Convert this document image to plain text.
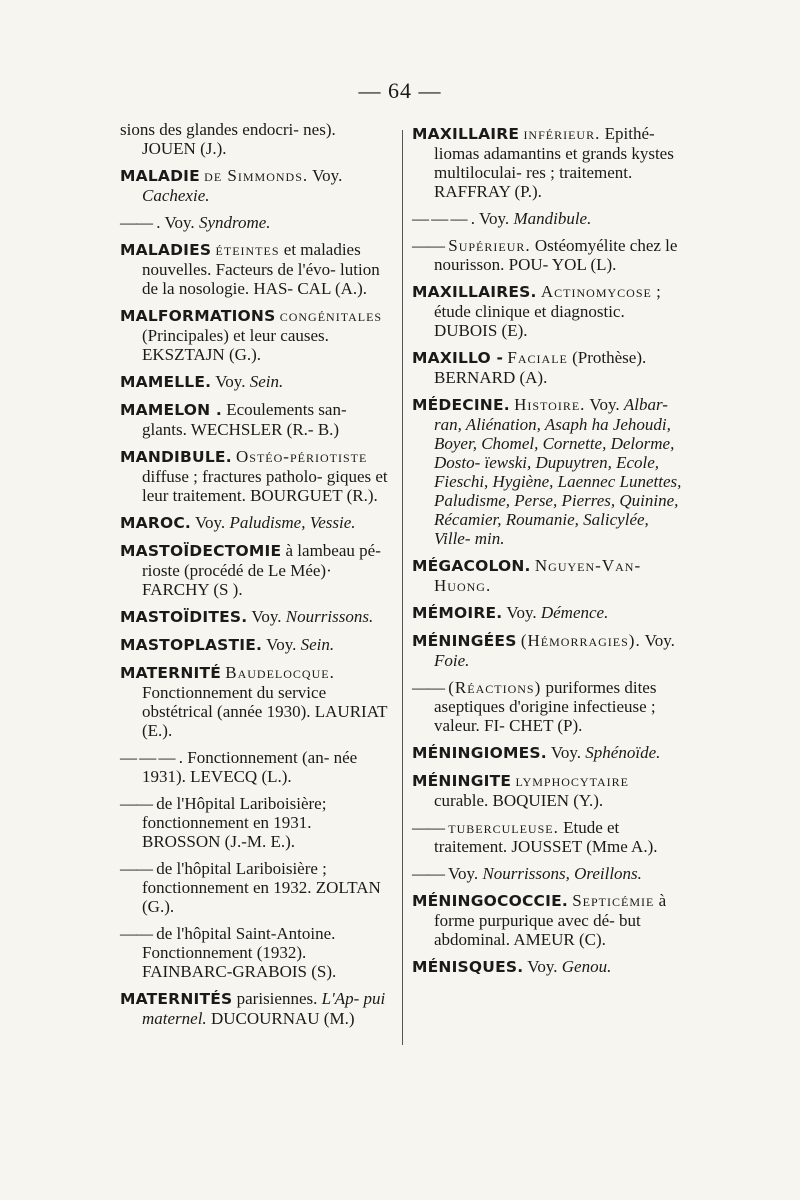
— 64 —
sions des glandes endocri- nes). JOUEN (J.).
MALADIE de Simmonds. Voy. Cachexie.
—— . Voy. Syndrome.
MALADIES éteintes et maladies nouvelles. Facteurs de l'évo- lution de la nosologie. HAS- CAL (A.).
MALFORMATIONS congénitales (Principales) et leur causes. EKSZTAJN (G.).
MAMELLE. Voy. Sein.
MAMELON . Ecoulements san- glants. WECHSLER (R.- B.)
MANDIBULE. Ostéo-périotiste diffuse ; fractures patholo- giques et leur traitement. BOURGUET (R.).
MAROC. Voy. Paludisme, Vessie.
MASTOÏDECTOMIE à lambeau pé- rioste (procédé de Le Mée)· FARCHY (S ).
MASTOÏDITES. Voy. Nourrissons.
MASTOPLASTIE. Voy. Sein.
MATERNITÉ Baudelocque. Fonctionnement du service obstétrical (année 1930). LAURIAT (E.).
— — — . Fonctionnement (an- née 1931). LEVECQ (L.).
—— de l'Hôpital Lariboisière; fonctionnement en 1931. BROSSON (J.-M. E.).
—— de l'hôpital Lariboisière ; fonctionnement en 1932. ZOLTAN (G.).
—— de l'hôpital Saint-Antoine. Fonctionnement (1932). FAINBARC-GRABOIS (S).
MATERNITÉS parisiennes. L'Ap- pui maternel. DUCOURNAU (M.)
MAXILLAIRE inférieur. Epithé- liomas adamantins et grands kystes multiloculai- res ; traitement. RAFFRAY (P.).
— — — . Voy. Mandibule.
—— Supérieur. Ostéomyélite chez le nourisson. POU- YOL (L).
MAXILLAIRES. Actinomycose ; étude clinique et diagnostic. DUBOIS (E).
MAXILLO - Faciale (Prothèse). BERNARD (A).
MÉDECINE. Histoire. Voy. Albar- ran, Aliénation, Asaph ha Jehoudi, Boyer, Chomel, Cornette, Delorme, Dosto- ïewski, Dupuytren, Ecole, Fieschi, Hygiène, Laennec Lunettes, Paludisme, Perse, Pierres, Quinine, Récamier, Roumanie, Salicylée, Ville- min.
MÉGACOLON. Nguyen-Van- Huong.
MÉMOIRE. Voy. Démence.
MÉNINGÉES (Hémorragies). Voy. Foie.
—— (Réactions) puriformes dites aseptiques d'origine infectieuse ; valeur. FI- CHET (P).
MÉNINGIOMES. Voy. Sphénoïde.
MÉNINGITE lymphocytaire curable. BOQUIEN (Y.).
—— tuberculeuse. Etude et traitement. JOUSSET (Mme A.).
—— Voy. Nourrissons, Oreillons.
MÉNINGOCOCCIE. Septicémie à forme purpurique avec dé- but abdominal. AMEUR (C).
MÉNISQUES. Voy. Genou.
